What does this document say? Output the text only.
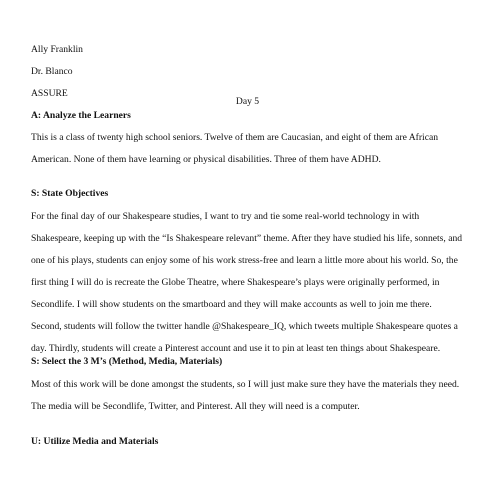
Ally Franklin
Dr. Blanco
ASSURE
Day 5
A: Analyze the Learners
This is a class of twenty high school seniors. Twelve of them are Caucasian, and eight of them are African American. None of them have learning or physical disabilities. Three of them have ADHD.
S: State Objectives
For the final day of our Shakespeare studies, I want to try and tie some real-world technology in with Shakespeare, keeping up with the “Is Shakespeare relevant” theme. After they have studied his life, sonnets, and one of his plays, students can enjoy some of his work stress-free and learn a little more about his world. So, the first thing I will do is recreate the Globe Theatre, where Shakespeare’s plays were originally performed, in Secondlife. I will show students on the smartboard and they will make accounts as well to join me there. Second, students will follow the twitter handle @Shakespeare_IQ, which tweets multiple Shakespeare quotes a day. Thirdly, students will create a Pinterest account and use it to pin at least ten things about Shakespeare.
S: Select the 3 M’s (Method, Media, Materials)
Most of this work will be done amongst the students, so I will just make sure they have the materials they need. The media will be Secondlife, Twitter, and Pinterest. All they will need is a computer.
U: Utilize Media and Materials
